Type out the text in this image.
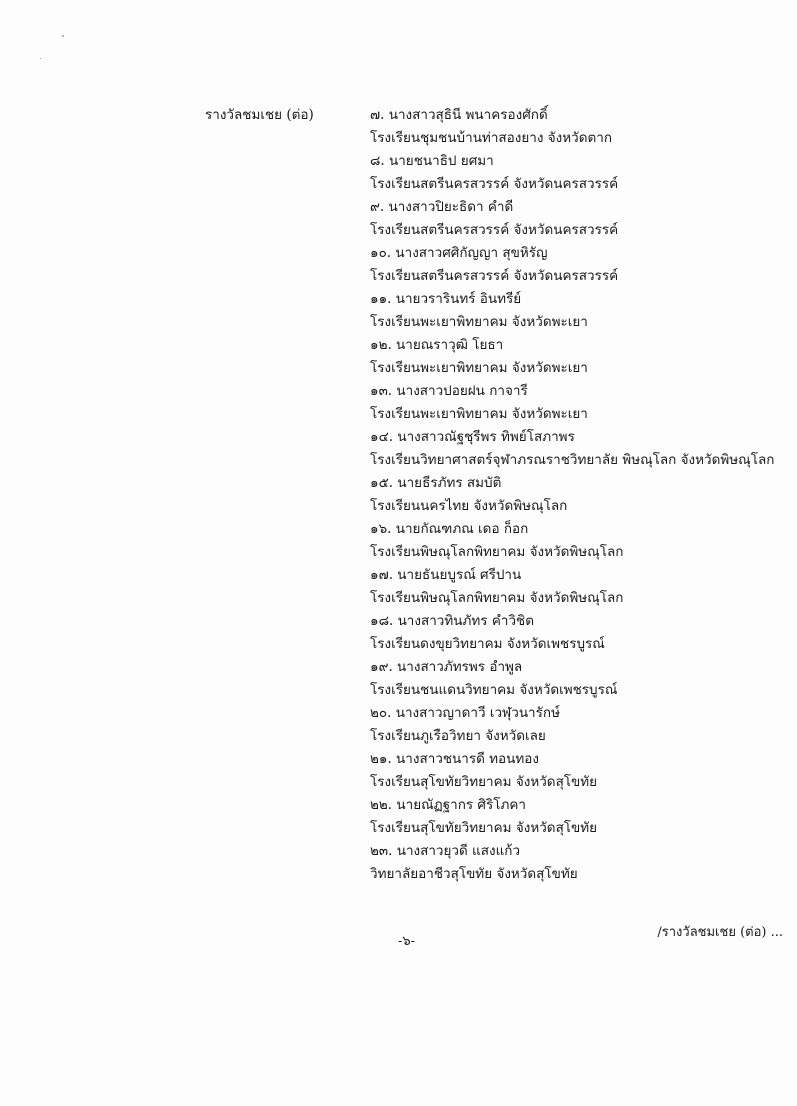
รางวัลชมเชย (ต่อ)	๗. นางสาวสุธินี พนาครองศักดิ์
โรงเรียนชุมชนบ้านท่าสองยาง จังหวัดตาก
๘. นายชนาธิป ยศมา
โรงเรียนสตรีนครสวรรค์ จังหวัดนครสวรรค์
๙. นางสาวปิยะธิดา คำดี
โรงเรียนสตรีนครสวรรค์ จังหวัดนครสวรรค์
๑๐. นางสาวศศิกัญญา สุขหิรัญ
โรงเรียนสตรีนครสวรรค์ จังหวัดนครสวรรค์
๑๑. นายวรารินทร์ อินทรีย์
โรงเรียนพะเยาพิทยาคม จังหวัดพะเยา
๑๒. นายณราวุฒิ โยธา
โรงเรียนพะเยาพิทยาคม จังหวัดพะเยา
๑๓. นางสาวปอยฝน กาจารี
โรงเรียนพะเยาพิทยาคม จังหวัดพะเยา
๑๔. นางสาวณัฐชุรีพร ทิพย์โสภาพร
โรงเรียนวิทยาศาสตร์จุฬาภรณราชวิทยาลัย พิษณุโลก จังหวัดพิษณุโลก
๑๕. นายธีรภัทร สมบัติ
โรงเรียนนครไทย จังหวัดพิษณุโลก
๑๖. นายกัณฑภณ เดอ ก็อก
โรงเรียนพิษณุโลกพิทยาคม จังหวัดพิษณุโลก
๑๗. นายธันยบูรณ์ ศรีปาน
โรงเรียนพิษณุโลกพิทยาคม จังหวัดพิษณุโลก
๑๘. นางสาวทินภัทร คำวิชิต
โรงเรียนดงขุยวิทยาคม จังหวัดเพชรบูรณ์
๑๙. นางสาวภัทรพร อำพูล
โรงเรียนชนแดนวิทยาคม จังหวัดเพชรบูรณ์
๒๐. นางสาวญาดาวี เวฬุวนารักษ์
โรงเรียนภูเรือวิทยา จังหวัดเลย
๒๑. นางสาวชนารดี ทอนทอง
โรงเรียนสุโขทัยวิทยาคม จังหวัดสุโขทัย
๒๒. นายณัฏฐากร ศิริโภคา
โรงเรียนสุโขทัยวิทยาคม จังหวัดสุโขทัย
๒๓. นางสาวยุวดี แสงแก้ว
วิทยาลัยอาชีวสุโขทัย จังหวัดสุโขทัย
-๖-
/รางวัลชมเชย (ต่อ) ...
